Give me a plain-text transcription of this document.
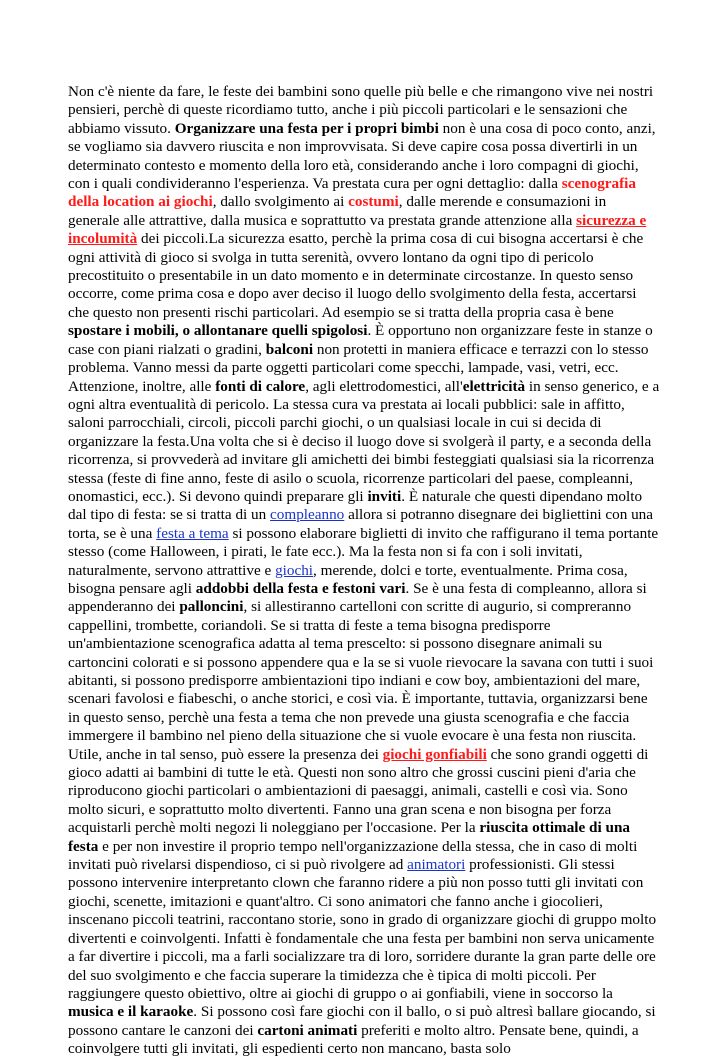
Non c'è niente da fare, le feste dei bambini sono quelle più belle e che rimangono vive nei nostri pensieri, perchè di queste ricordiamo tutto, anche i più piccoli particolari e le sensazioni che abbiamo vissuto. Organizzare una festa per i propri bimbi non è una cosa di poco conto, anzi, se vogliamo sia davvero riuscita e non improvvisata. Si deve capire cosa possa divertirli in un determinato contesto e momento della loro età, considerando anche i loro compagni di giochi, con i quali condivideranno l'esperienza. Va prestata cura per ogni dettaglio: dalla scenografia della location ai giochi, dallo svolgimento ai costumi, dalle merende e consumazioni in generale alle attrattive, dalla musica e soprattutto va prestata grande attenzione alla sicurezza e incolumità dei piccoli.La sicurezza esatto, perchè la prima cosa di cui bisogna accertarsi è che ogni attività di gioco si svolga in tutta serenità, ovvero lontano da ogni tipo di pericolo precostituito o presentabile in un dato momento e in determinate circostanze. In questo senso occorre, come prima cosa e dopo aver deciso il luogo dello svolgimento della festa, accertarsi che questo non presenti rischi particolari. Ad esempio se si tratta della propria casa è bene spostare i mobili, o allontanare quelli spigolosi. È opportuno non organizzare feste in stanze o case con piani rialzati o gradini, balconi non protetti in maniera efficace e terrazzi con lo stesso problema. Vanno messi da parte oggetti particolari come specchi, lampade, vasi, vetri, ecc. Attenzione, inoltre, alle fonti di calore, agli elettrodomestici, all'elettricità in senso generico, e a ogni altra eventualità di pericolo. La stessa cura va prestata ai locali pubblici: sale in affitto, saloni parrocchiali, circoli, piccoli parchi giochi, o un qualsiasi locale in cui si decida di organizzare la festa.Una volta che si è deciso il luogo dove si svolgerà il party, e a seconda della ricorrenza, si provvederà ad invitare gli amichetti dei bimbi festeggiati qualsiasi sia la ricorrenza stessa (feste di fine anno, feste di asilo o scuola, ricorrenze particolari del paese, compleanni, onomastici, ecc.). Si devono quindi preparare gli inviti. È naturale che questi dipendano molto dal tipo di festa: se si tratta di un compleanno allora si potranno disegnare dei bigliettini con una torta, se è una festa a tema si possono elaborare biglietti di invito che raffigurano il tema portante stesso (come Halloween, i pirati, le fate ecc.). Ma la festa non si fa con i soli invitati, naturalmente, servono attrattive e giochi, merende, dolci e torte, eventualmente. Prima cosa, bisogna pensare agli addobbi della festa e festoni vari. Se è una festa di compleanno, allora si appenderanno dei palloncini, si allestiranno cartelloni con scritte di augurio, si compreranno cappellini, trombette, coriandoli. Se si tratta di feste a tema bisogna predisporre un'ambientazione scenografica adatta al tema prescelto: si possono disegnare animali su cartoncini colorati e si possono appendere qua e la se si vuole rievocare la savana con tutti i suoi abitanti, si possono predisporre ambientazioni tipo indiani e cow boy, ambientazioni del mare, scenari favolosi e fiabeschi, o anche storici, e così via. È importante, tuttavia, organizzarsi bene in questo senso, perchè una festa a tema che non prevede una giusta scenografia e che faccia immergere il bambino nel pieno della situazione che si vuole evocare è una festa non riuscita. Utile, anche in tal senso, può essere la presenza dei giochi gonfiabili che sono grandi oggetti di gioco adatti ai bambini di tutte le età. Questi non sono altro che grossi cuscini pieni d'aria che riproducono giochi particolari o ambientazioni di paesaggi, animali, castelli e così via. Sono molto sicuri, e soprattutto molto divertenti. Fanno una gran scena e non bisogna per forza acquistarli perchè molti negozi li noleggiano per l'occasione. Per la riuscita ottimale di una festa e per non investire il proprio tempo nell'organizzazione della stessa, che in caso di molti invitati può rivelarsi dispendioso, ci si può rivolgere ad animatori professionisti. Gli stessi possono intervenire interpretanto clown che faranno ridere a più non posso tutti gli invitati con giochi, scenette, imitazioni e quant'altro. Ci sono animatori che fanno anche i giocolieri, inscenano piccoli teatrini, raccontano storie, sono in grado di organizzare giochi di gruppo molto divertenti e coinvolgenti. Infatti è fondamentale che una festa per bambini non serva unicamente a far divertire i piccoli, ma a farli socializzare tra di loro, sorridere durante la gran parte delle ore del suo svolgimento e che faccia superare la timidezza che è tipica di molti piccoli. Per raggiungere questo obiettivo, oltre ai giochi di gruppo o ai gonfiabili, viene in soccorso la musica e il karaoke. Si possono così fare giochi con il ballo, o si può altresì ballare giocando, si possono cantare le canzoni dei cartoni animati preferiti e molto altro. Pensate bene, quindi, a coinvolgere tutti gli invitati, gli espedienti certo non mancano, basta solo
